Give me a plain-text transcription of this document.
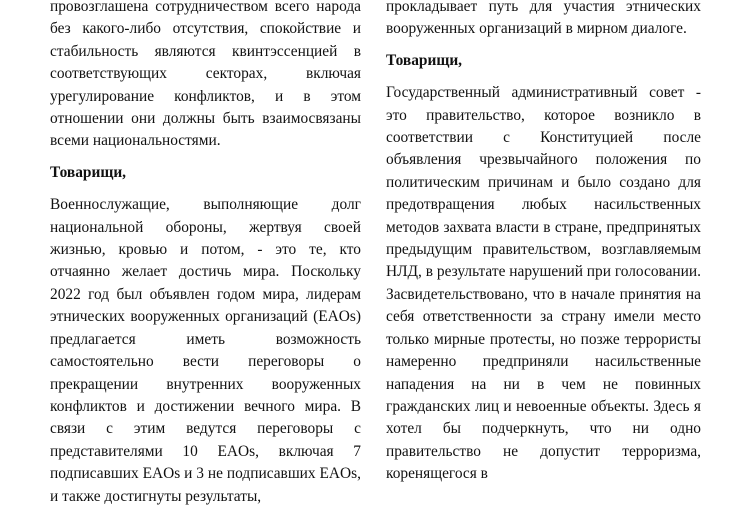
провозглашена сотрудничеством всего народа без какого-либо отсутствия, спокойствие и стабильность являются квинтэссенцией в соответствующих секторах, включая урегулирование конфликтов, и в этом отношении они должны быть взаимосвязаны всеми национальностями.

Товарищи,

Военнослужащие, выполняющие долг национальной обороны, жертвуя своей жизнью, кровью и потом, - это те, кто отчаянно желает достичь мира. Поскольку 2022 год был объявлен годом мира, лидерам этнических вооруженных организаций (EAOs) предлагается иметь возможность самостоятельно вести переговоры о прекращении внутренних вооруженных конфликтов и достижении вечного мира. В связи с этим ведутся переговоры с представителями 10 EAOs, включая 7 подписавших EAOs и 3 не подписавших EAOs, и также достигнуты результаты,

прокладывает путь для участия этнических вооруженных организаций в мирном диалоге.

Товарищи,

Государственный административный совет - это правительство, которое возникло в соответствии с Конституцией после объявления чрезвычайного положения по политическим причинам и было создано для предотвращения любых насильственных методов захвата власти в стране, предпринятых предыдущим правительством, возглавляемым НЛД, в результате нарушений при голосовании. Засвидетельствовано, что в начале принятия на себя ответственности за страну имели место только мирные протесты, но позже террористы намеренно предприняли насильственные нападения на ни в чем не повинных гражданских лиц и невоенные объекты. Здесь я хотел бы подчеркнуть, что ни одно правительство не допустит терроризма, коренящегося в
